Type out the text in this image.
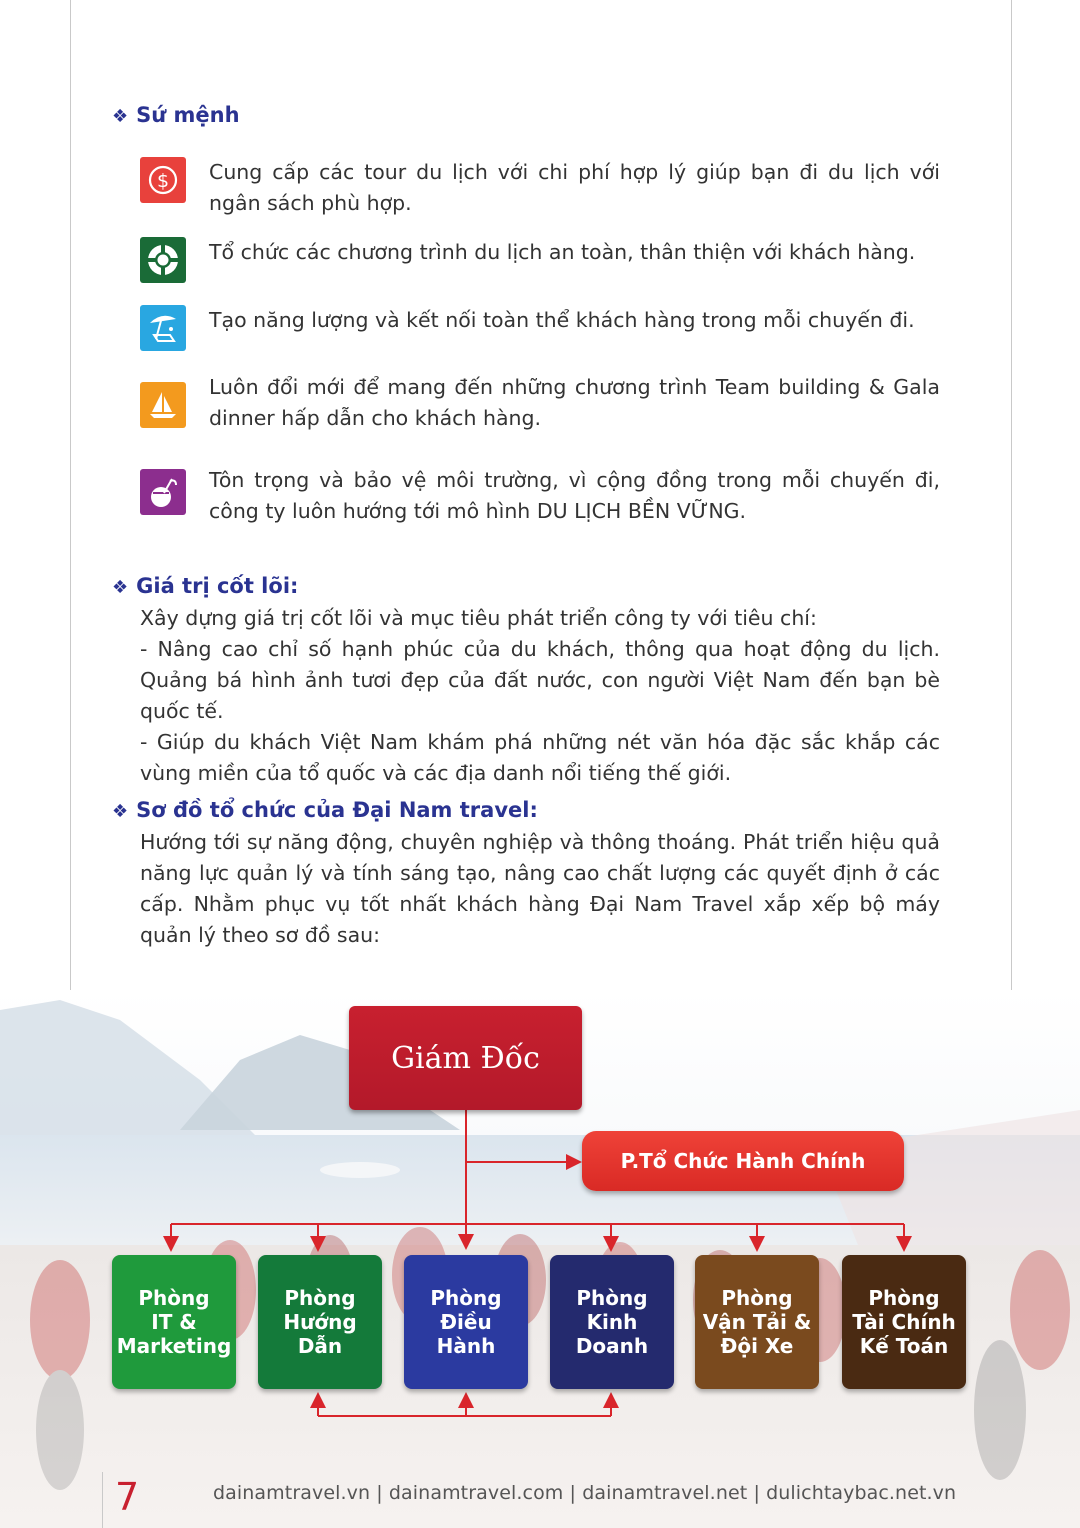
❖ Sứ mệnh
$ Cung cấp các tour du lịch với chi phí hợp lý giúp bạn đi du lịch với ngân sách phù hợp.
Tổ chức các chương trình du lịch an toàn, thân thiện với khách hàng.
Tạo năng lượng và kết nối toàn thể khách hàng trong mỗi chuyến đi.
Luôn đổi mới để mang đến những chương trình Team building & Gala dinner hấp dẫn cho khách hàng.
Tôn trọng và bảo vệ môi trường, vì cộng đồng trong mỗi chuyến đi, công ty luôn hướng tới mô hình DU LỊCH BỀN VỮNG.
❖ Giá trị cốt lõi:

Xây dựng giá trị cốt lõi và mục tiêu phát triển công ty với tiêu chí:

- Nâng cao chỉ số hạnh phúc của du khách, thông qua hoạt động du lịch. Quảng bá hình ảnh tươi đẹp của đất nước, con người Việt Nam đến bạn bè quốc tế.

- Giúp du khách Việt Nam khám phá những nét văn hóa đặc sắc khắp các vùng miền của tổ quốc và các địa danh nổi tiếng thế giới.

❖ Sơ đồ tổ chức của Đại Nam travel:
Hướng tới sự năng động, chuyên nghiệp và thông thoáng. Phát triển hiệu quả năng lực quản lý và tính sáng tạo, nâng cao chất lượng các quyết định ở các cấp. Nhằm phục vụ tốt nhất khách hàng Đại Nam Travel xắp xếp bộ máy quản lý theo sơ đồ sau:
Giám Đốc
P.Tổ Chức Hành Chính
Phòng
IT &
Marketing
Phòng
Hướng
Dẫn
Phòng
Điều
Hành
Phòng
Kinh
Doanh
Phòng
Vận Tải &
Đội Xe
Phòng
Tài Chính
Kế Toán
7	dainamtravel.vn | dainamtravel.com | dainamtravel.net | dulichtaybac.net.vn
